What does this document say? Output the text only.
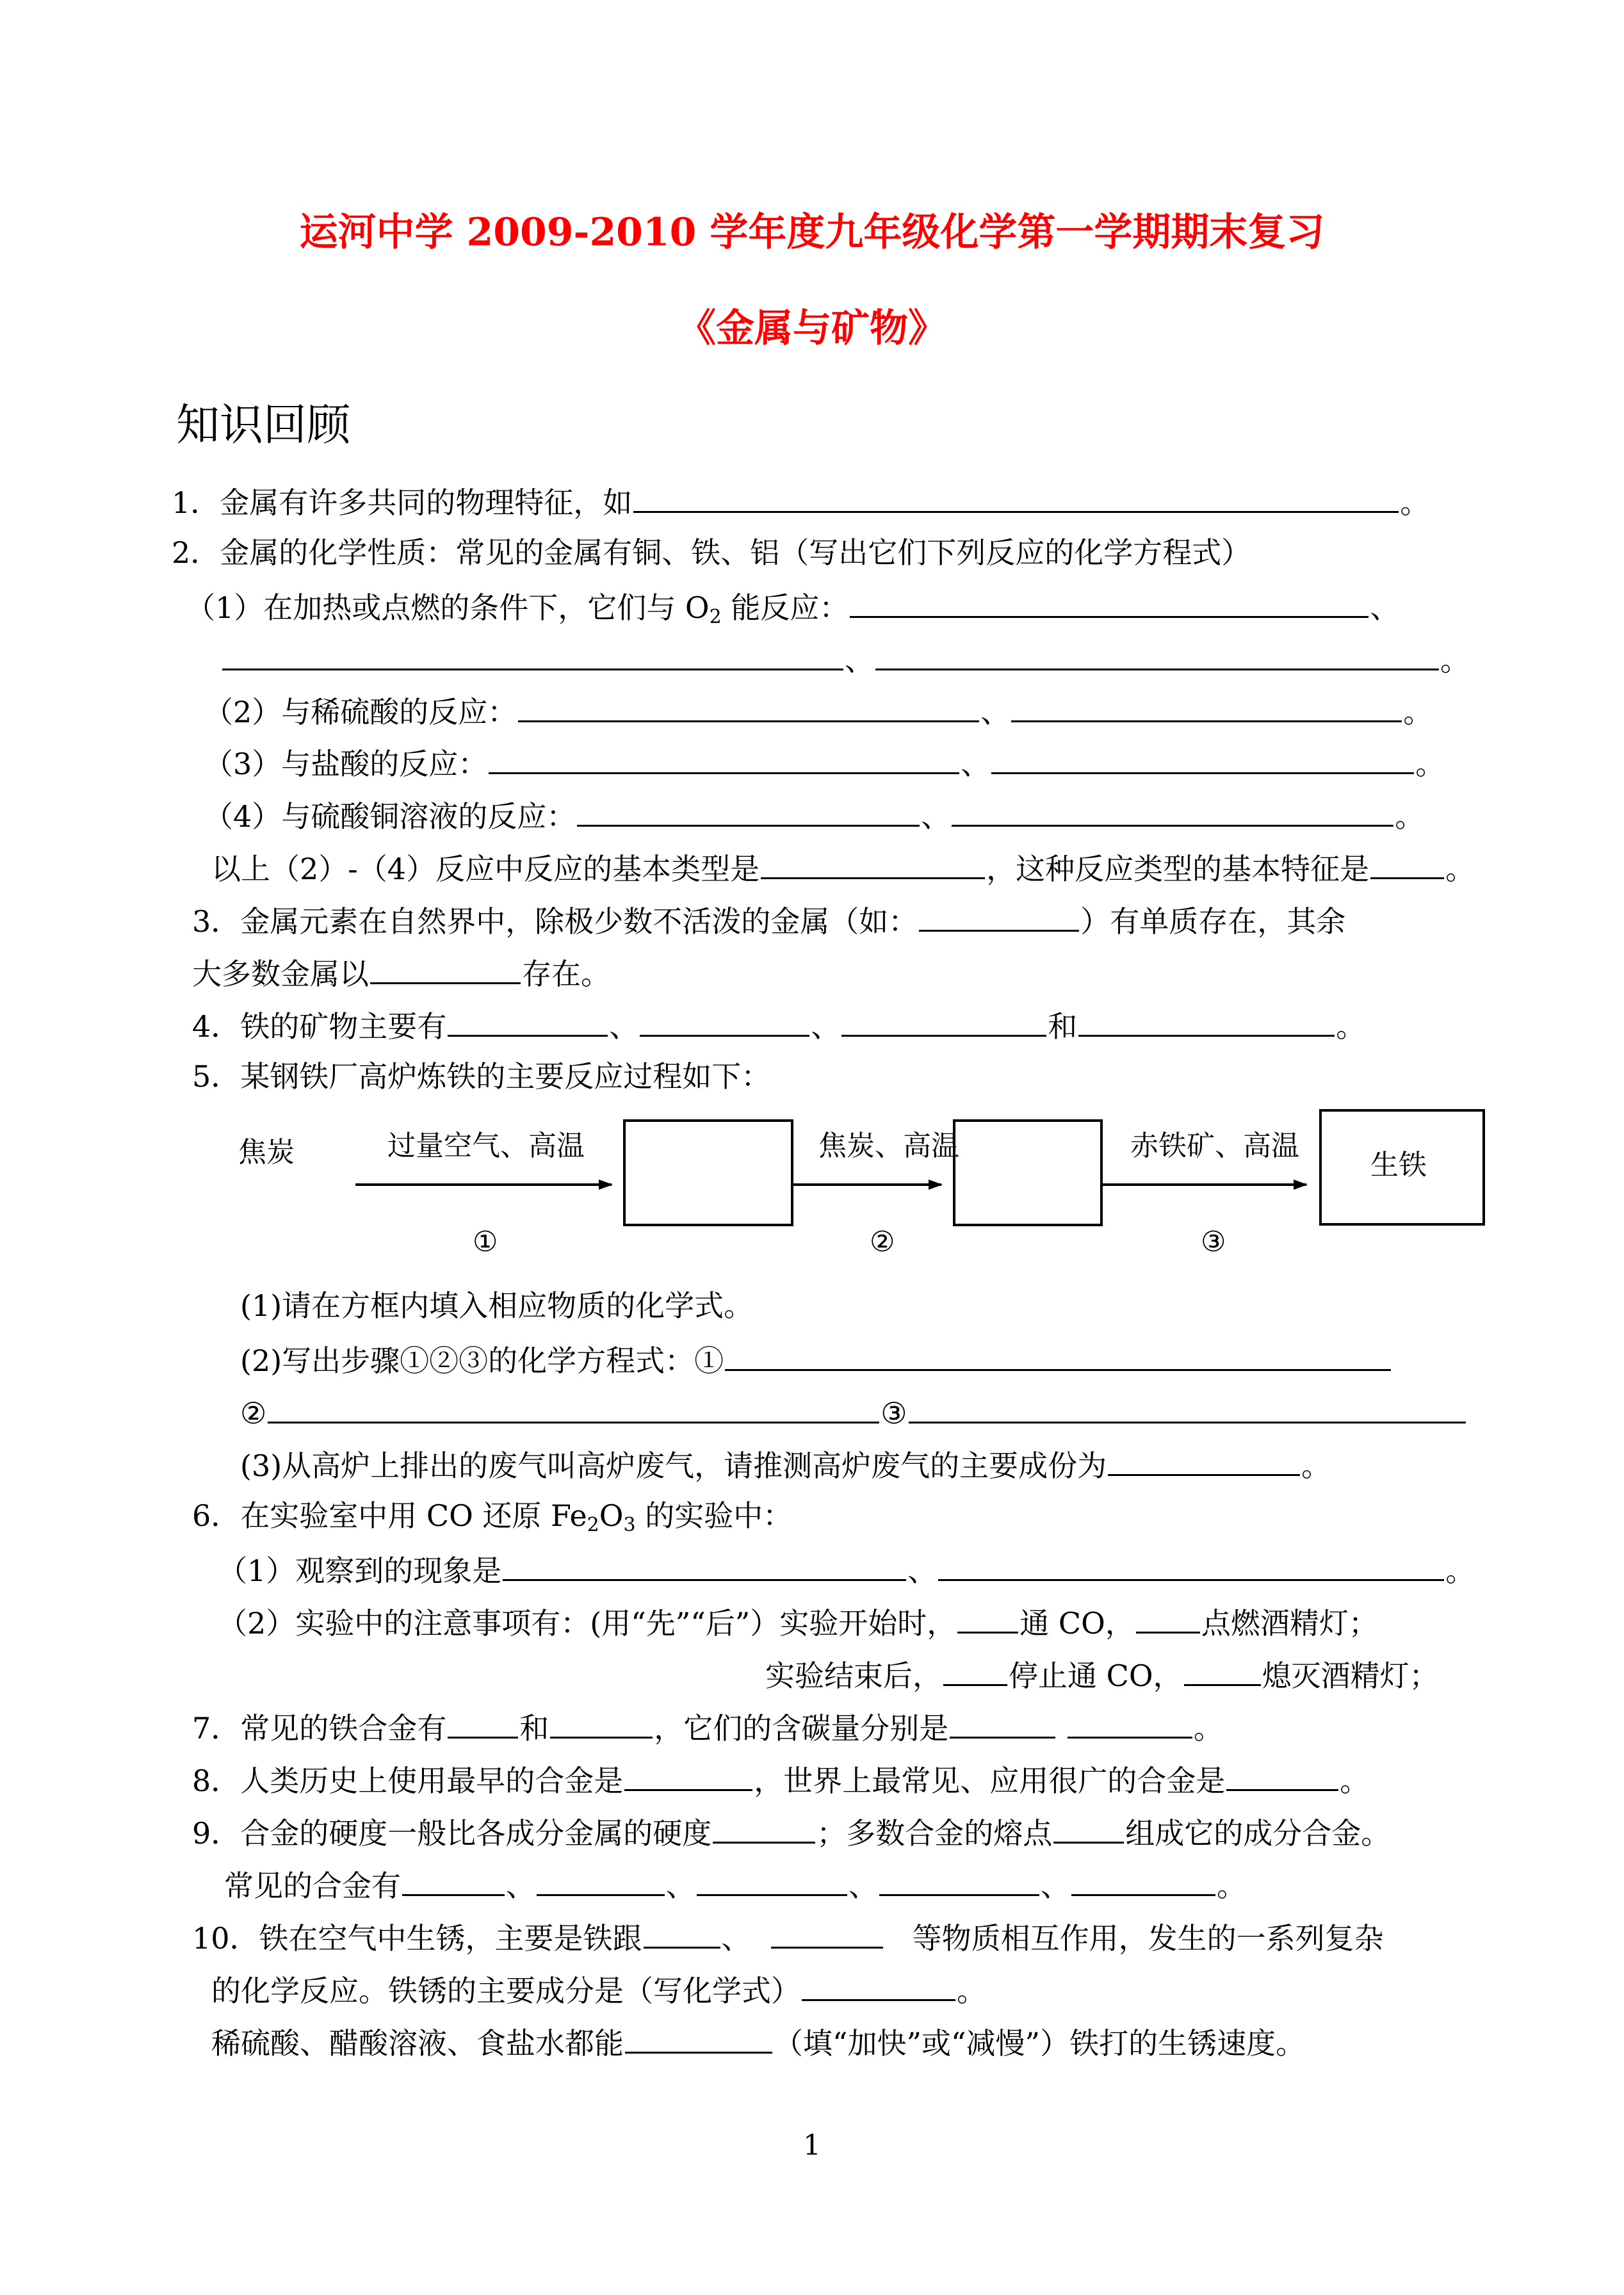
运河中学 2009-2010 学年度九年级化学第一学期期末复习
《金属与矿物》
知识回顾
1．金属有许多共同的物理特征，如	。
2．金属的化学性质：常见的金属有铜、铁、铝（写出它们下列反应的化学方程式）
（1）在加热或点燃的条件下，它们与 $O_2$ 能反应：	、
、	。
（2）与稀硫酸的反应：	、	。
（3）与盐酸的反应：	、	。
（4）与硫酸铜溶液的反应：	、	。
以上（2）-（4）反应中反应的基本类型是	，这种反应类型的基本特征是	。
3．金属元素在自然界中，除极少数不活泼的金属（如：	）有单质存在，其余
大多数金属以	存在。
4．铁的矿物主要有	、	、	和	。
5．某钢铁厂高炉炼铁的主要反应过程如下：
焦炭	过量空气、高温	焦炭、高温	赤铁矿、高温
生铁
①	②	③
(1)请在方框内填入相应物质的化学式。
(2)写出步骤①②③的化学方程式：①
②	③
(3)从高炉上排出的废气叫高炉废气，请推测高炉废气的主要成份为	。
6．在实验室中用 CO 还原 $Fe_2O_3$ 的实验中：
（1）观察到的现象是	、	。
（2）实验中的注意事项有：(用“先”“后”）实验开始时， 通 CO， 点燃酒精灯；
实验结束后， 停止通 CO，	熄灭酒精灯；
7．常见的铁合金有 和	，它们的含碳量分别是	。
8．人类历史上使用最早的合金是	，世界上最常见、应用很广的合金是	。
9．合金的硬度一般比各成分金属的硬度	；多数合金的熔点 组成它的成分合金。
常见的合金有	、	、	、	、	。
10．铁在空气中生锈，主要是铁跟	、	等物质相互作用，发生的一系列复杂
的化学反应。铁锈的主要成分是（写化学式）	。
稀硫酸、醋酸溶液、食盐水都能	（填“加快”或“减慢”）铁打的生锈速度。
1
